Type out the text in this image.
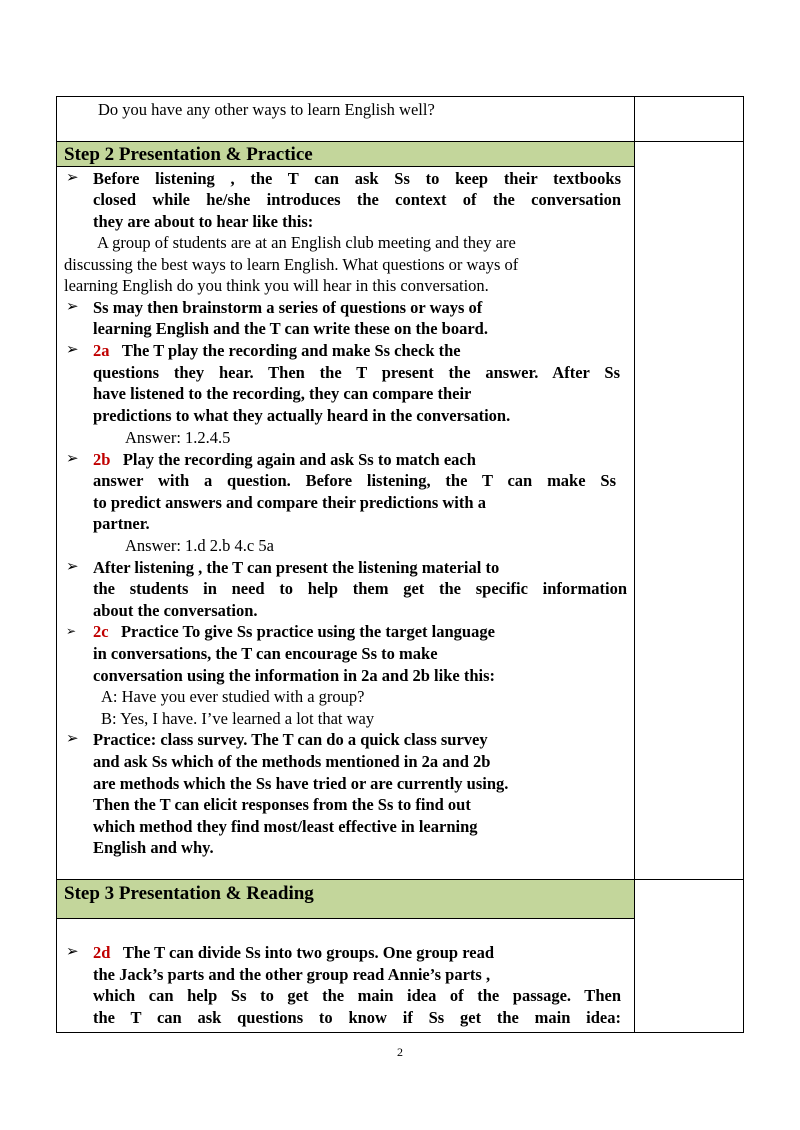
Do you have any other ways to learn English well?
Step 2 Presentation & Practice
➢ Before listening , the T can ask Ss to keep their textbooks
closed while he/she introduces the context of the conversation
they are about to hear like this:
A group of students are at an English club meeting and they are
discussing the best ways to learn English. What questions or ways of
learning English do you think you will hear in this conversation.
➢ Ss may then brainstorm a series of questions or ways of
learning English and the T can write these on the board.
➢ 2a The T play the recording and make Ss check the
questions they hear. Then the T present the answer. After Ss
have listened to the recording, they can compare their
predictions to what they actually heard in the conversation.
Answer: 1.2.4.5
➢ 2b Play the recording again and ask Ss to match each
answer with a question. Before listening, the T can make Ss
to predict answers and compare their predictions with a
partner.
Answer: 1.d 2.b 4.c 5a
➢ After listening , the T can present the listening material to
the students in need to help them get the specific information
about the conversation.
➢ 2c Practice To give Ss practice using the target language
in conversations, the T can encourage Ss to make
conversation using the information in 2a and 2b like this:
A: Have you ever studied with a group?
B: Yes, I have. I’ve learned a lot that way
➢ Practice: class survey. The T can do a quick class survey
and ask Ss which of the methods mentioned in 2a and 2b
are methods which the Ss have tried or are currently using.
Then the T can elicit responses from the Ss to find out
which method they find most/least effective in learning
English and why.
Step 3 Presentation & Reading
➢ 2d The T can divide Ss into two groups. One group read
the Jack’s parts and the other group read Annie’s parts ,
which can help Ss to get the main idea of the passage. Then
the T can ask questions to know if Ss get the main idea:
2
